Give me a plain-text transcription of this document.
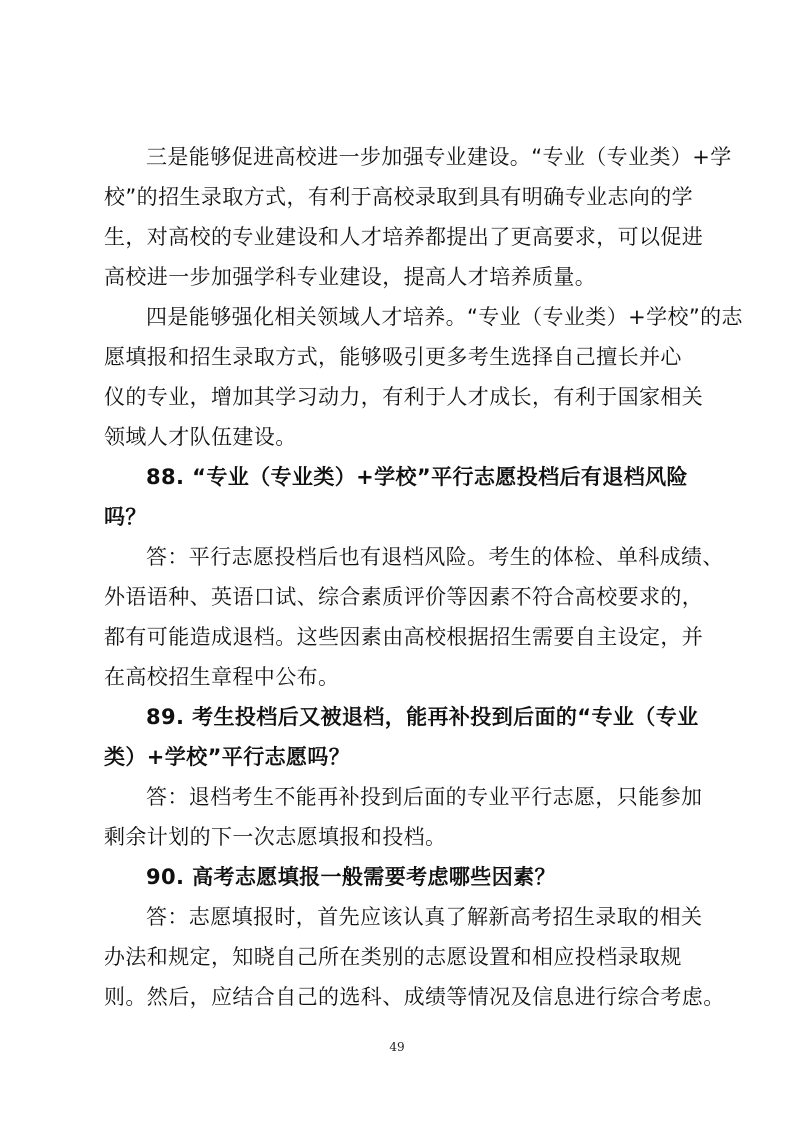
三是能够促进高校进一步加强专业建设。“专业（专业类）+学
校”的招生录取方式，有利于高校录取到具有明确专业志向的学
生，对高校的专业建设和人才培养都提出了更高要求，可以促进
高校进一步加强学科专业建设，提高人才培养质量。
四是能够强化相关领域人才培养。“专业（专业类）+学校”的志
愿填报和招生录取方式，能够吸引更多考生选择自己擅长并心
仪的专业，增加其学习动力，有利于人才成长，有利于国家相关
领域人才队伍建设。
88. “专业（专业类）+学校”平行志愿投档后有退档风险
吗？
答：平行志愿投档后也有退档风险。考生的体检、单科成绩、
外语语种、英语口试、综合素质评价等因素不符合高校要求的，
都有可能造成退档。这些因素由高校根据招生需要自主设定，并
在高校招生章程中公布。
89. 考生投档后又被退档，能再补投到后面的“专业（专业
类）+学校”平行志愿吗？
答：退档考生不能再补投到后面的专业平行志愿，只能参加
剩余计划的下一次志愿填报和投档。
90. 高考志愿填报一般需要考虑哪些因素？
答：志愿填报时，首先应该认真了解新高考招生录取的相关
办法和规定，知晓自己所在类别的志愿设置和相应投档录取规
则。然后，应结合自己的选科、成绩等情况及信息进行综合考虑。
49
